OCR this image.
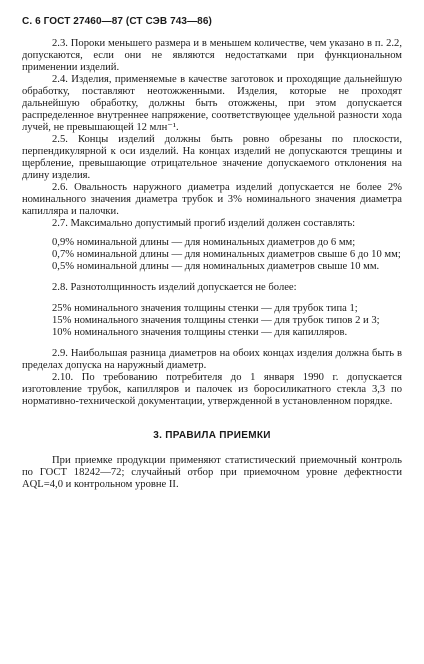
С. 6 ГОСТ 27460—87 (СТ СЭВ 743—86)

2.3. Пороки меньшего размера и в меньшем количестве, чем указано в п. 2.2, допускаются, если они не являются недостатками при функциональном применении изделий.

2.4. Изделия, применяемые в качестве заготовок и проходящие дальнейшую обработку, поставляют неотожженными. Изделия, которые не проходят дальнейшую обработку, должны быть отожжены, при этом допускается распределенное внутреннее напряжение, соответствующее удельной разности хода лучей, не превышающей 12 млн⁻¹.

2.5. Концы изделий должны быть ровно обрезаны по плоскости, перпендикулярной к оси изделий. На концах изделий не допускаются трещины и щербление, превышающие отрицательное значение допускаемого отклонения на длину изделия.

2.6. Овальность наружного диаметра изделий допускается не более 2% номинального значения диаметра трубок и 3% номинального значения диаметра капилляра и палочки.

2.7. Максимально допустимый прогиб изделий должен составлять:

0,9% номинальной длины — для номинальных диаметров до 6 мм;

0,7% номинальной длины — для номинальных диаметров свыше 6 до 10 мм;

0,5% номинальной длины — для номинальных диаметров свыше 10 мм.

2.8. Разнотолщинность изделий допускается не более:

25% номинального значения толщины стенки — для трубок типа 1;

15% номинального значения толщины стенки — для трубок типов 2 и 3;

10% номинального значения толщины стенки — для капилляров.

2.9. Наибольшая разница диаметров на обоих концах изделия должна быть в пределах допуска на наружный диаметр.

2.10. По требованию потребителя до 1 января 1990 г. допускается изготовление трубок, капилляров и палочек из боросиликатного стекла 3,3 по нормативно-технической документации, утвержденной в установленном порядке.

3. ПРАВИЛА ПРИЕМКИ

При приемке продукции применяют статистический приемочный контроль по ГОСТ 18242—72; случайный отбор при приемочном уровне дефектности AQL=4,0 и контрольном уровне II.
